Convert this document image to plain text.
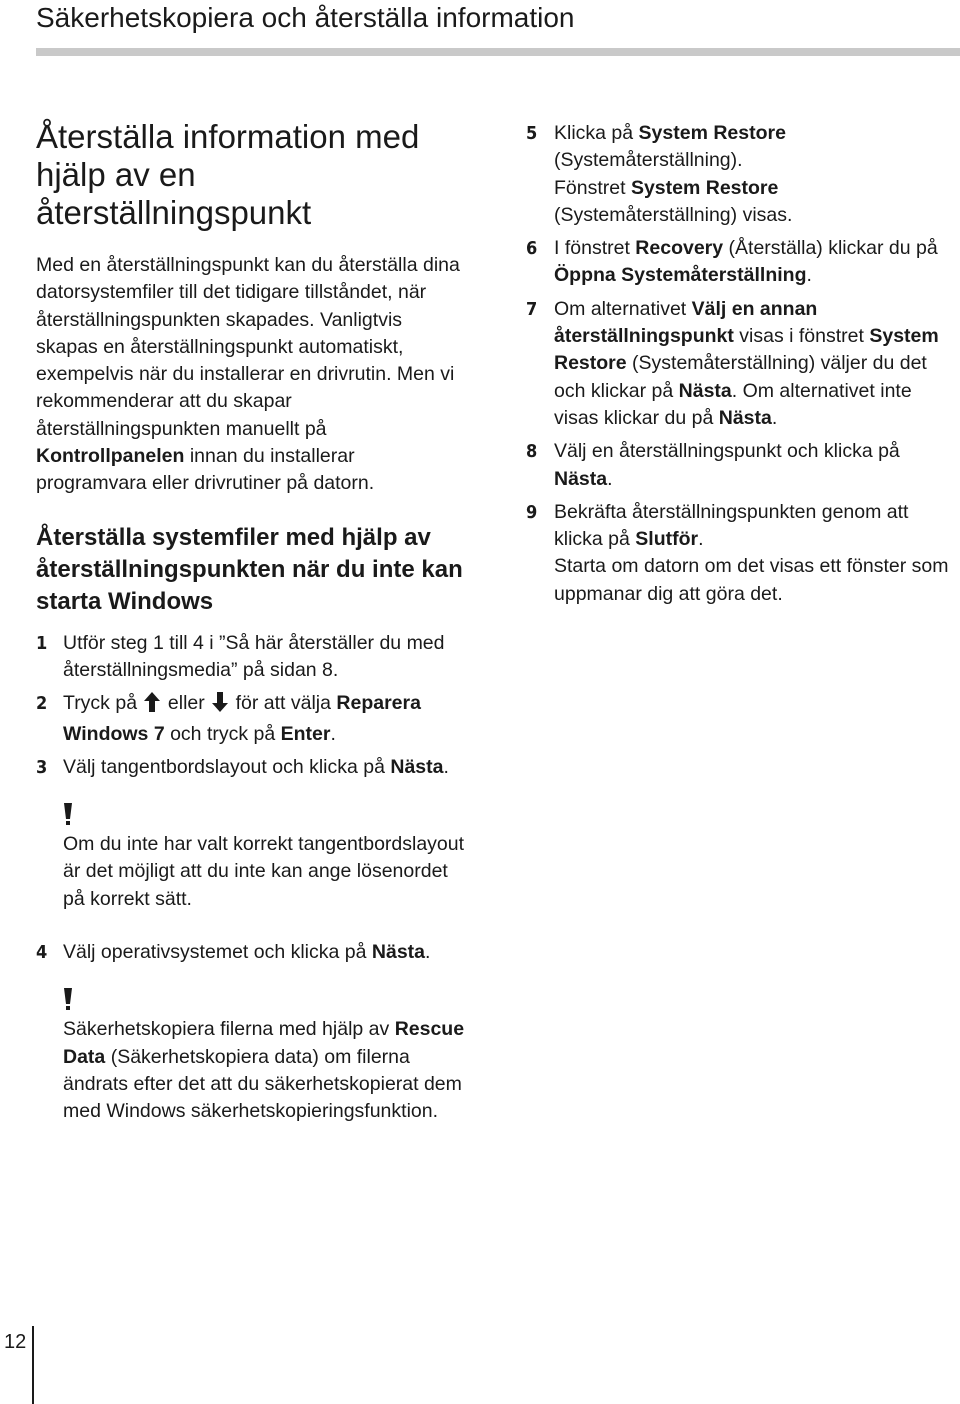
Säkerhetskopiera och återställa information
Återställa information med hjälp av en återställningspunkt

Med en återställningspunkt kan du återställa dina datorsystemfiler till det tidigare tillståndet, när återställningspunkten skapades. Vanligtvis skapas en återställningspunkt automatiskt, exempelvis när du installerar en drivrutin. Men vi rekommenderar att du skapar återställningspunkten manuellt på Kontrollpanelen innan du installerar programvara eller drivrutiner på datorn.

Återställa systemfiler med hjälp av återställningspunkten när du inte kan starta Windows
1 Utför steg 1 till 4 i ”Så här återställer du med återställningsmedia” på sidan 8.
2 Tryck på eller för att välja Reparera Windows 7 och tryck på Enter.
3 Välj tangentbordslayout och klicka på Nästa.
Om du inte har valt korrekt tangentbordslayout är det möjligt att du inte kan ange lösenordet på korrekt sätt.
4 Välj operativsystemet och klicka på Nästa.
Säkerhetskopiera filerna med hjälp av Rescue Data (Säkerhetskopiera data) om filerna ändrats efter det att du säkerhetskopierat dem med Windows säkerhetskopieringsfunktion.
5 Klicka på System Restore (Systemåterställning).
Fönstret System Restore (Systemåterställning) visas.
6 I fönstret Recovery (Återställa) klickar du på Öppna Systemåterställning.
7 Om alternativet Välj en annan återställningspunkt visas i fönstret System Restore (Systemåterställning) väljer du det och klickar på Nästa. Om alternativet inte visas klickar du på Nästa.
8 Välj en återställningspunkt och klicka på Nästa.
9 Bekräfta återställningspunkten genom att klicka på Slutför.
Starta om datorn om det visas ett fönster som uppmanar dig att göra det.
12
